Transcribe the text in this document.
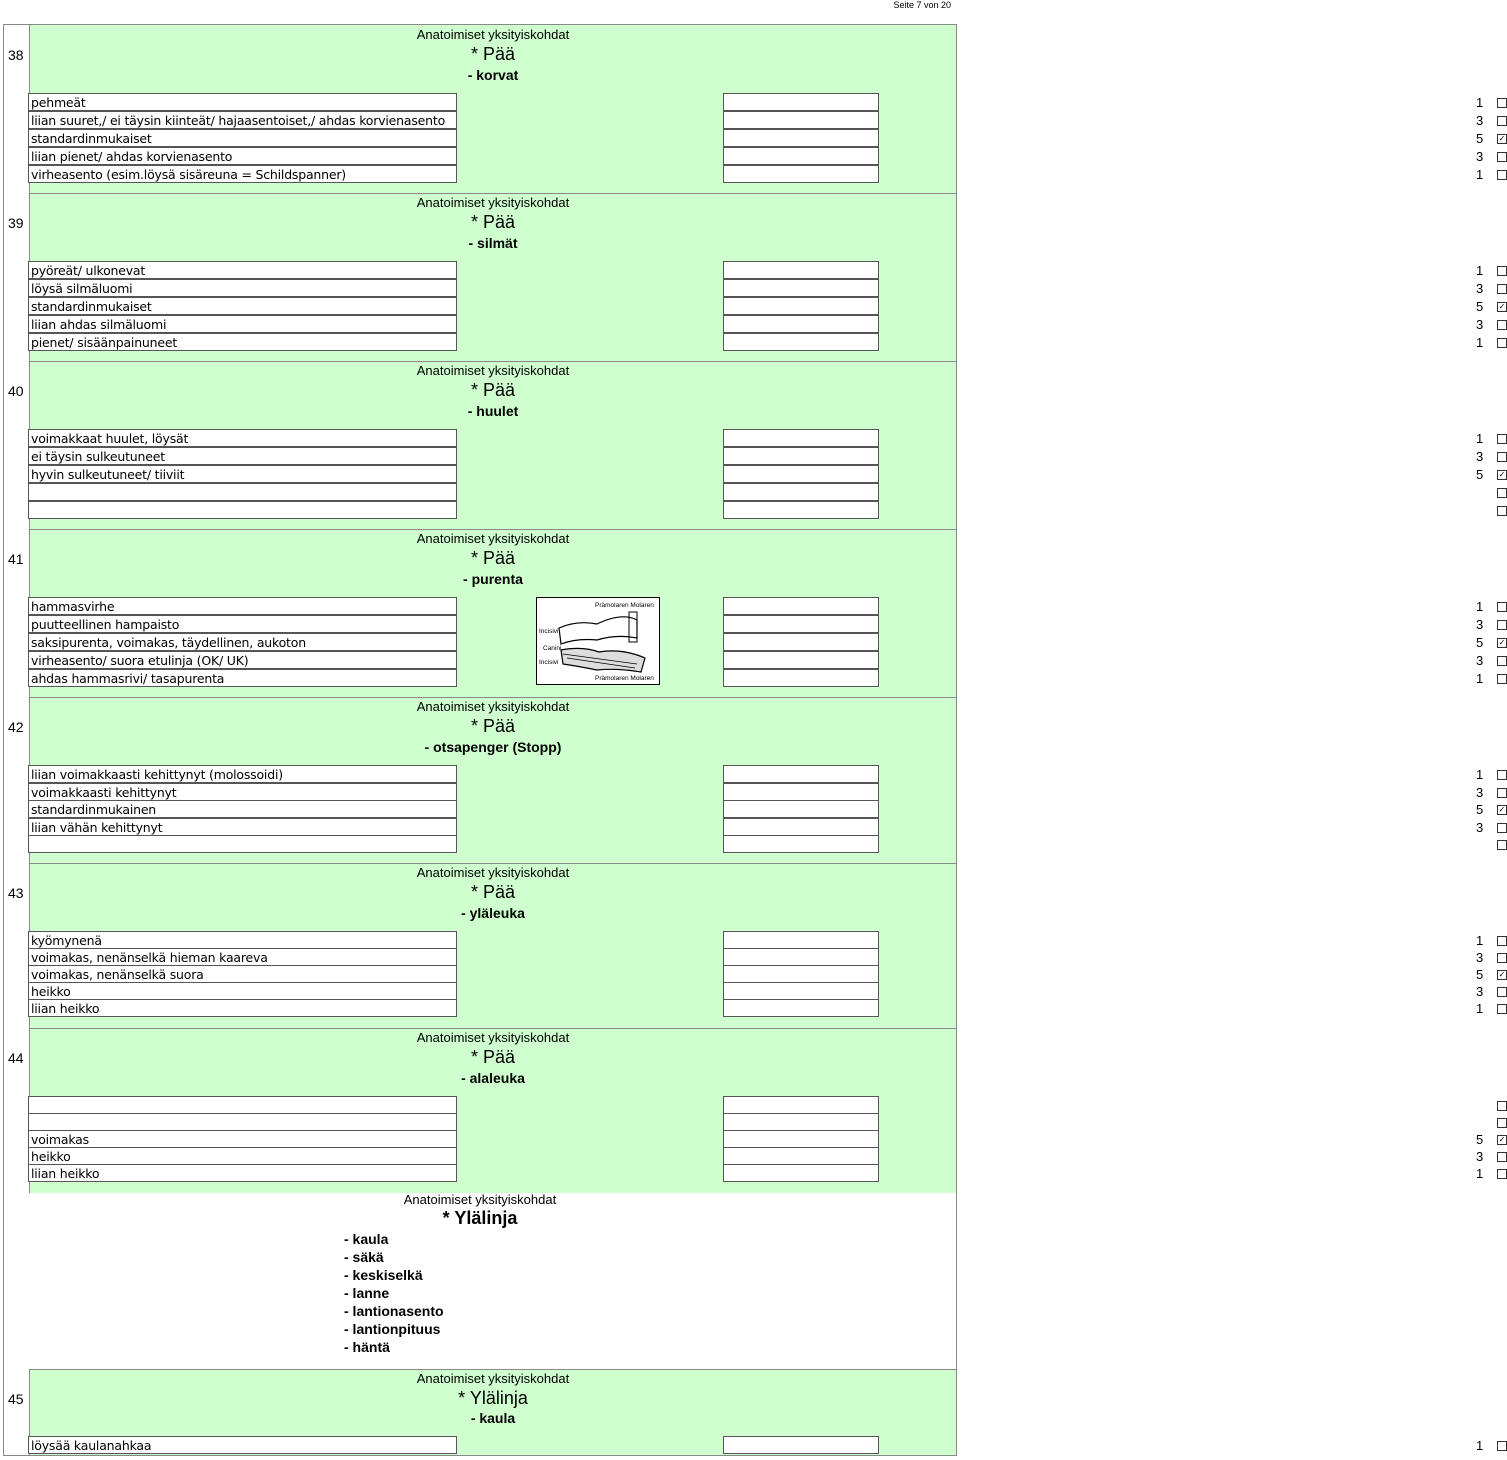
Seite 7 von 20
38
Anatoimiset yksityiskohdat
* Pää
- korvat
pehmeät	1
liian suuret,/ ei täysin kiinteät/ hajaasentoiset,/ ahdas korvienasento	3
standardinmukaiset	5 ✓
liian pienet/ ahdas korvienasento	3
virheasento (esim.löysä sisäreuna = Schildspanner)	1
39
Anatoimiset yksityiskohdat
* Pää
- silmät
pyöreät/ ulkonevat	1
löysä silmäluomi	3
standardinmukaiset	5 ✓
liian ahdas silmäluomi	3
pienet/ sisäänpainuneet	1
40
Anatoimiset yksityiskohdat
* Pää
- huulet
voimakkaat huulet, löysät	1
ei täysin sulkeutuneet	3
hyvin sulkeutuneet/ tiiviit	5 ✓
41
Anatoimiset yksityiskohdat
* Pää
- purenta
hammasvirhe	1
puutteellinen hampaisto	3
saksipurenta, voimakas, täydellinen, aukoton	5 ✓
virheasento/ suora etulinja (OK/ UK)	3
ahdas hammasrivi/ tasapurenta	1
42
Anatoimiset yksityiskohdat
* Pää
- otsapenger (Stopp)
liian voimakkaasti kehittynyt (molossoidi)	1
voimakkaasti kehittynyt	3
standardinmukainen	5 ✓
liian vähän kehittynyt	3
43
Anatoimiset yksityiskohdat
* Pää
- yläleuka
kyömynenä	1
voimakas, nenänselkä hieman kaareva	3
voimakas, nenänselkä suora	5 ✓
heikko	3
liian heikko	1
44
Anatoimiset yksityiskohdat
* Pää
- alaleuka
voimakas	5 ✓
heikko	3
liian heikko	1
Anatoimiset yksityiskohdat
* Ylälinja
- kaula
- säkä
- keskiselkä
- lanne
- lantionasento
- lantionpituus
- häntä
45
Anatoimiset yksityiskohdat
* Ylälinja
- kaula
löysää kaulanahkaa	1
Prämolaren Molaren
Incisivi
Canini
Incisivi
Prämolaren Molaren
